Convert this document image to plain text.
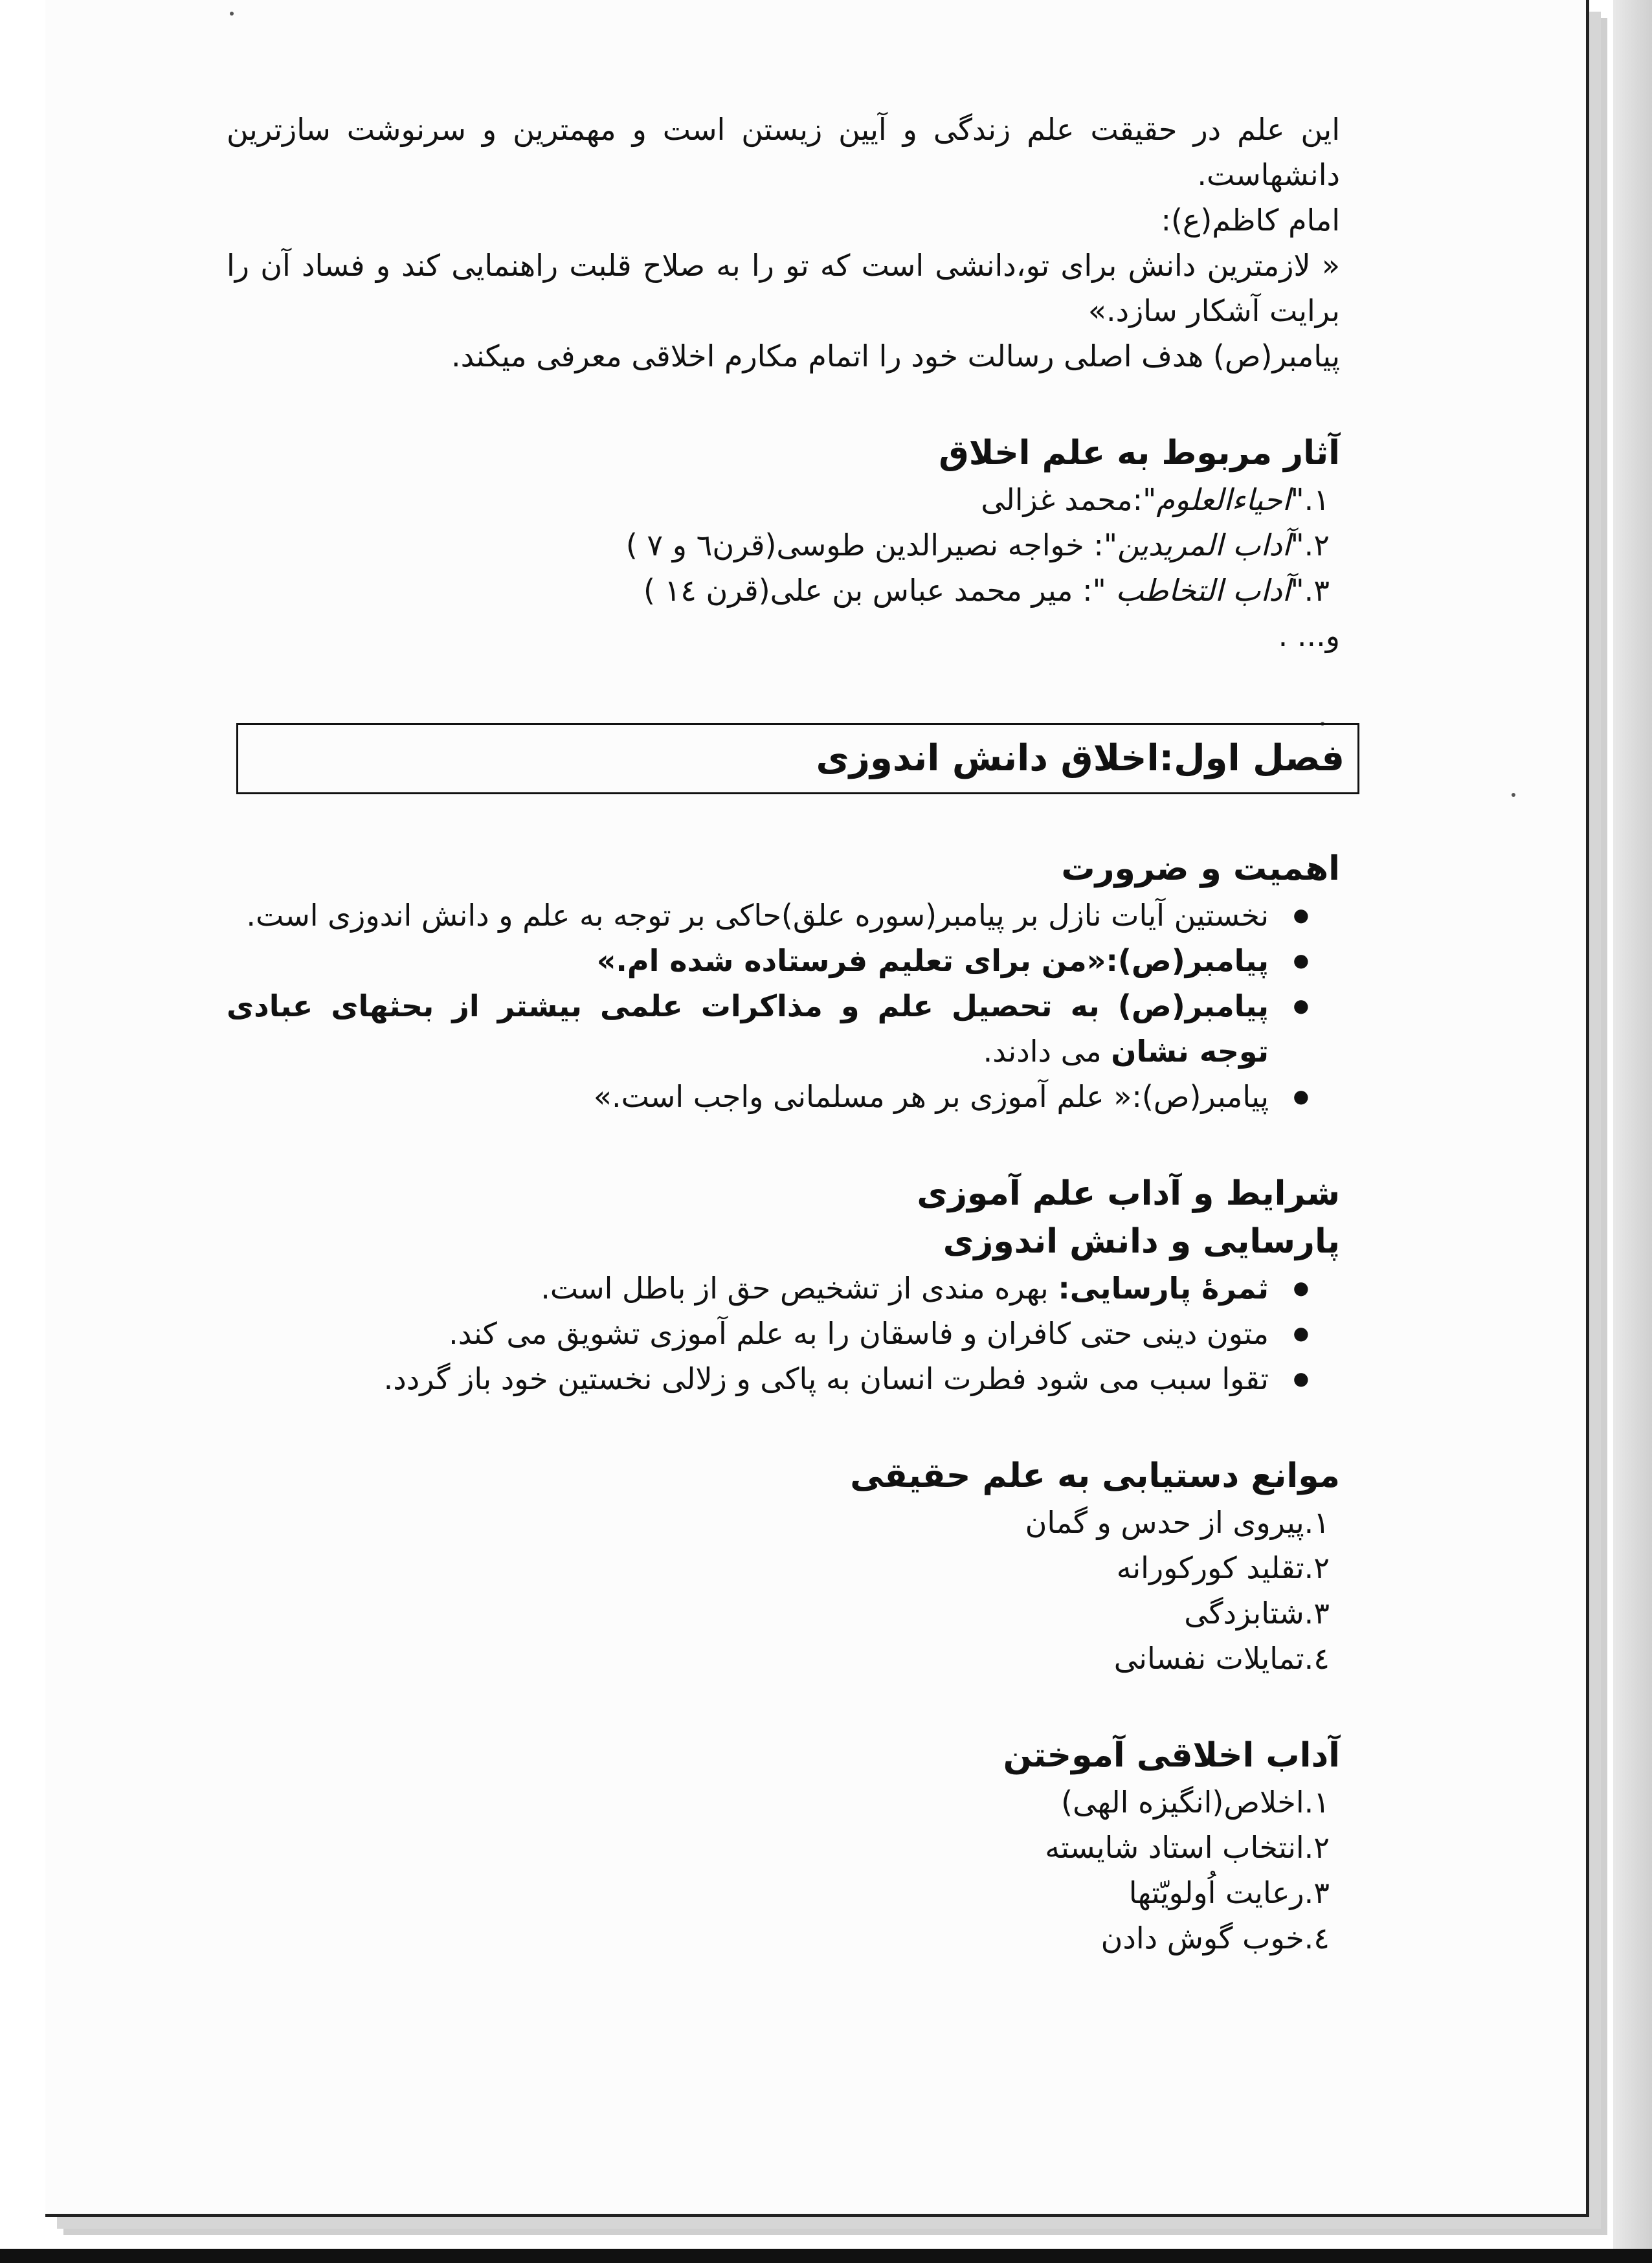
این علم در حقیقت علم زندگی و آیین زیستن است و مهمترین و سرنوشت سازترین دانشهاست.

امام کاظم(ع):

« لازمترین دانش برای تو،دانشی است که تو را به صلاح قلبت راهنمایی کند و فساد آن را برایت آشکار سازد.»

پیامبر(ص) هدف اصلی رسالت خود را اتمام مکارم اخلاقی معرفی میکند.

آثار مربوط به علم اخلاق
۱."احیاءالعلوم":محمد غزالی
۲."آداب المریدین": خواجه نصیرالدین طوسی(قرن٦ و ۷ )
۳."آداب التخاطب ": میر محمد عباس بن علی(قرن ١٤ )

و... .

فصل اول:اخلاق دانش اندوزی
اهمیت و ضرورت
● نخستین آیات نازل بر پیامبر(سوره علق)حاکی بر توجه به علم و دانش اندوزی است.
● پیامبر(ص):«من برای تعلیم فرستاده شده ام.»
● پیامبر(ص) به تحصیل علم و مذاکرات علمی بیشتر از بحثهای عبادی توجه نشان می دادند.
● پیامبر(ص):« علم آموزی بر هر مسلمانی واجب است.»
شرایط و آداب علم آموزی
پارسایی و دانش اندوزی
● ثمرهٔ پارسایی: بهره مندی از تشخیص حق از باطل است.
● متون دینی حتی کافران و فاسقان را به علم آموزی تشویق می کند.
● تقوا سبب می شود فطرت انسان به پاکی و زلالی نخستین خود باز گردد.
موانع دستیابی به علم حقیقی
۱.پیروی از حدس و گمان
۲.تقلید کورکورانه
۳.شتابزدگی
٤.تمایلات نفسانی
آداب اخلاقی آموختن
۱.اخلاص(انگیزه الهی)
۲.انتخاب استاد شایسته
۳.رعایت اُولویّتها
٤.خوب گوش دادن
